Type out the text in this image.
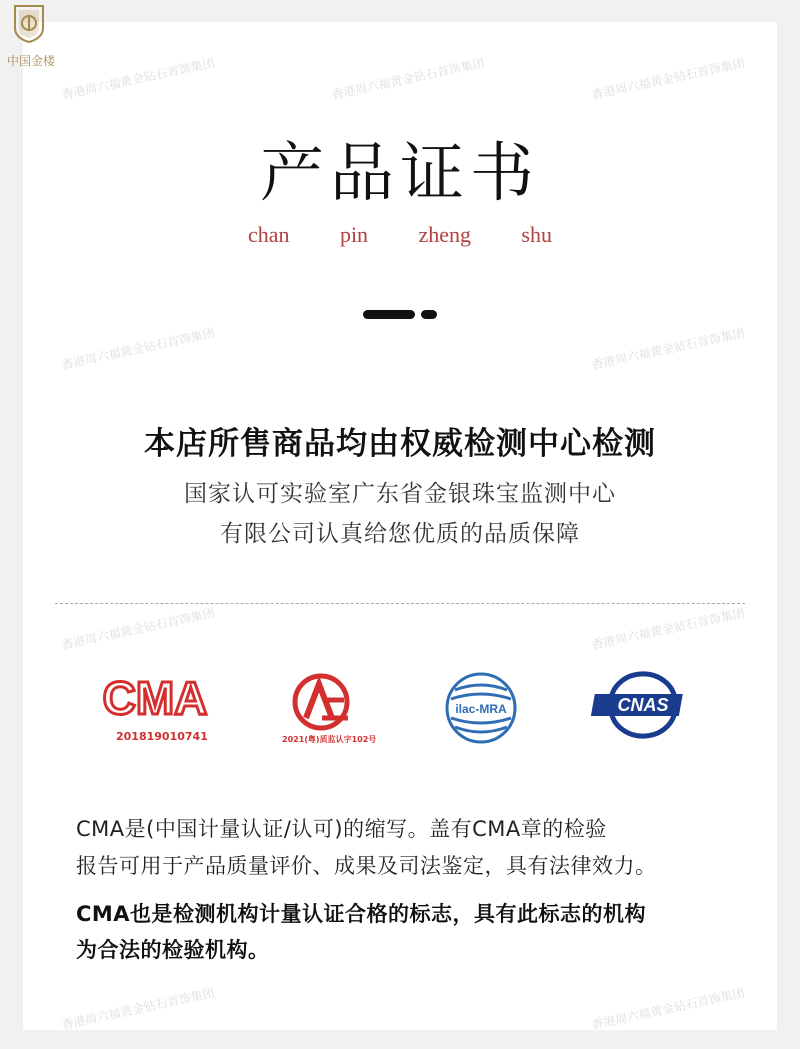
香港周六福黄金钻石首饰集团	香港周六福黄金钻石首饰集团	香港周六福黄金钻石首饰集团
香港周六福黄金钻石首饰集团	香港周六福黄金钻石首饰集团
香港周六福黄金钻石首饰集团	香港周六福黄金钻石首饰集团
香港周六福黄金钻石首饰集团	香港周六福黄金钻石首饰集团
中国金楼
产品证书
chan pin zheng shu
本店所售商品均由权威检测中心检测
国家认可实验室广东省金银珠宝监测中心
有限公司认真给您优质的品质保障
CMA
201819010741	2021(粤)质监认字102号
ilac-MRA	CNAS
CMA是(中国计量认证/认可)的缩写。盖有CMA章的检验
报告可用于产品质量评价、成果及司法鉴定，具有法律效力。
CMA也是检测机构计量认证合格的标志，具有此标志的机构
为合法的检验机构。
